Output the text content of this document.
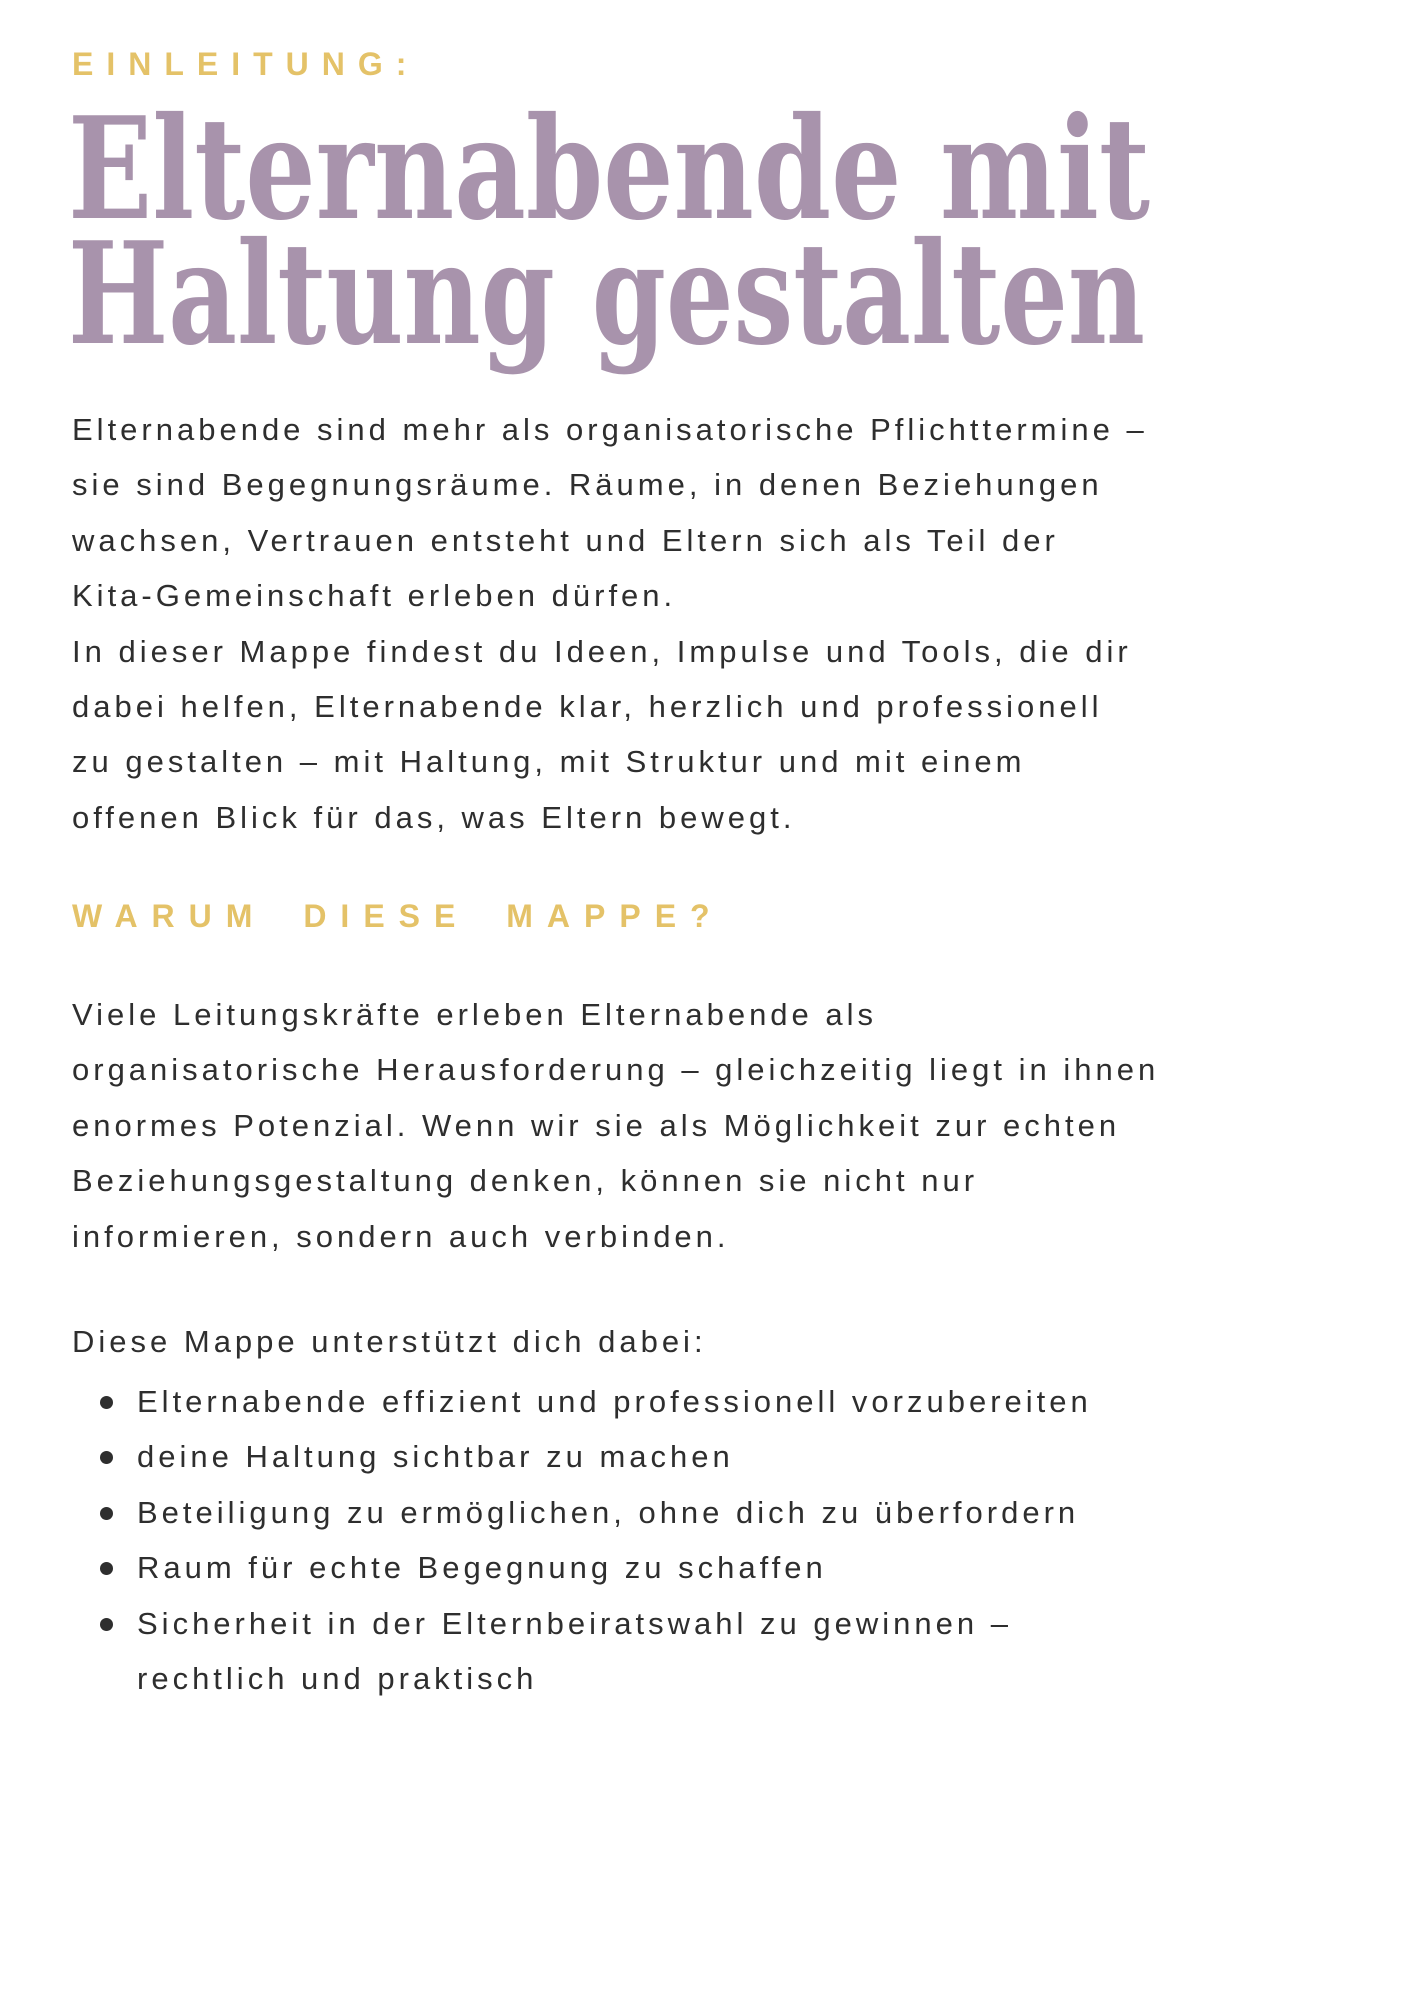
EINLEITUNG:
Elternabende mit
Haltung gestalten
Elternabende sind mehr als organisatorische Pflichttermine –
sie sind Begegnungsräume. Räume, in denen Beziehungen
wachsen, Vertrauen entsteht und Eltern sich als Teil der
Kita-Gemeinschaft erleben dürfen.
In dieser Mappe findest du Ideen, Impulse und Tools, die dir
dabei helfen, Elternabende klar, herzlich und professionell
zu gestalten – mit Haltung, mit Struktur und mit einem
offenen Blick für das, was Eltern bewegt.
WARUM DIESE MAPPE?
Viele Leitungskräfte erleben Elternabende als
organisatorische Herausforderung – gleichzeitig liegt in ihnen
enormes Potenzial. Wenn wir sie als Möglichkeit zur echten
Beziehungsgestaltung denken, können sie nicht nur
informieren, sondern auch verbinden.
Diese Mappe unterstützt dich dabei:
Elternabende effizient und professionell vorzubereiten
deine Haltung sichtbar zu machen
Beteiligung zu ermöglichen, ohne dich zu überfordern
Raum für echte Begegnung zu schaffen
Sicherheit in der Elternbeiratswahl zu gewinnen –
rechtlich und praktisch
